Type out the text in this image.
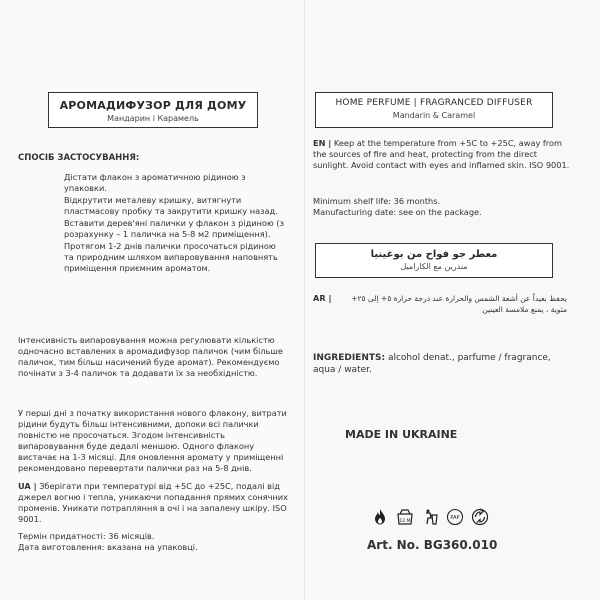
АРОМАДИФУЗОР ДЛЯ ДОМУ
Мандарин і Карамель
СПОСІБ ЗАСТОСУВАННЯ:
Дістати флакон з ароматичною рідиною з упаковки.
Відкрутити металеву кришку, витягнути пластмасову пробку та закрутити кришку назад.
Вставити дерев'яні палички у флакон з рідиною (з розрахунку – 1 паличка на 5-8 м2 приміщення).
Протягом 1-2 днів палички просочаться рідиною та природним шляхом випаровування наповнять приміщення приємним ароматом.

Інтенсивність випаровування можна регулювати кількістю одночасно вставлених в аромадифузор паличок (чим більше паличок, тим більш насичений буде аромат). Рекомендуємо почінати з 3-4 паличок та додавати їх за необхідністю.

У перші дні з початку використання нового флакону, витрати рідини будуть більш інтенсивними, допоки всі палички повністю не просочаться. Згодом інтенсивність випаровування буде дедалі меншою. Одного флакону вистачає на 1-3 місяці. Для оновлення аромату у приміщенні рекомендовано перевертати палички раз на 5-8 днів.

UA | Зберігати при температурі від +5С до +25С, подалі від джерел вогню і тепла, уникаючи попадання прямих сонячних променів. Уникати потрапляння в очі і на запалену шкіру. ISO 9001.
Термін придатності: 36 місяців.
Дата виготовлення: вказана на упаковці.
HOME PERFUME | FRAGRANCED DIFFUSER
Mandarin & Caramel
EN | Keep at the temperature from +5C to +25C, away from the sources of fire and heat, protecting from the direct sunlight. Avoid contact with eyes and inflamed skin. ISO 9001.
Minimum shelf life: 36 months.
Manufacturing date: see on the package.
معطر جو فواح من بوغينيا
مندرين مع الكاراميل
AR |	يحفظ بعيداً عن أشعة الشمس والحرارة عند درجة حرارة ٥+ إلى ٢٥+ مئوية ، يمنع ملامسة العينين
INGREDIENTS: alcohol denat., parfume / fragrance, aqua / water.
MADE IN UKRAINE
12 M
PAP
Art. No. BG360.010
